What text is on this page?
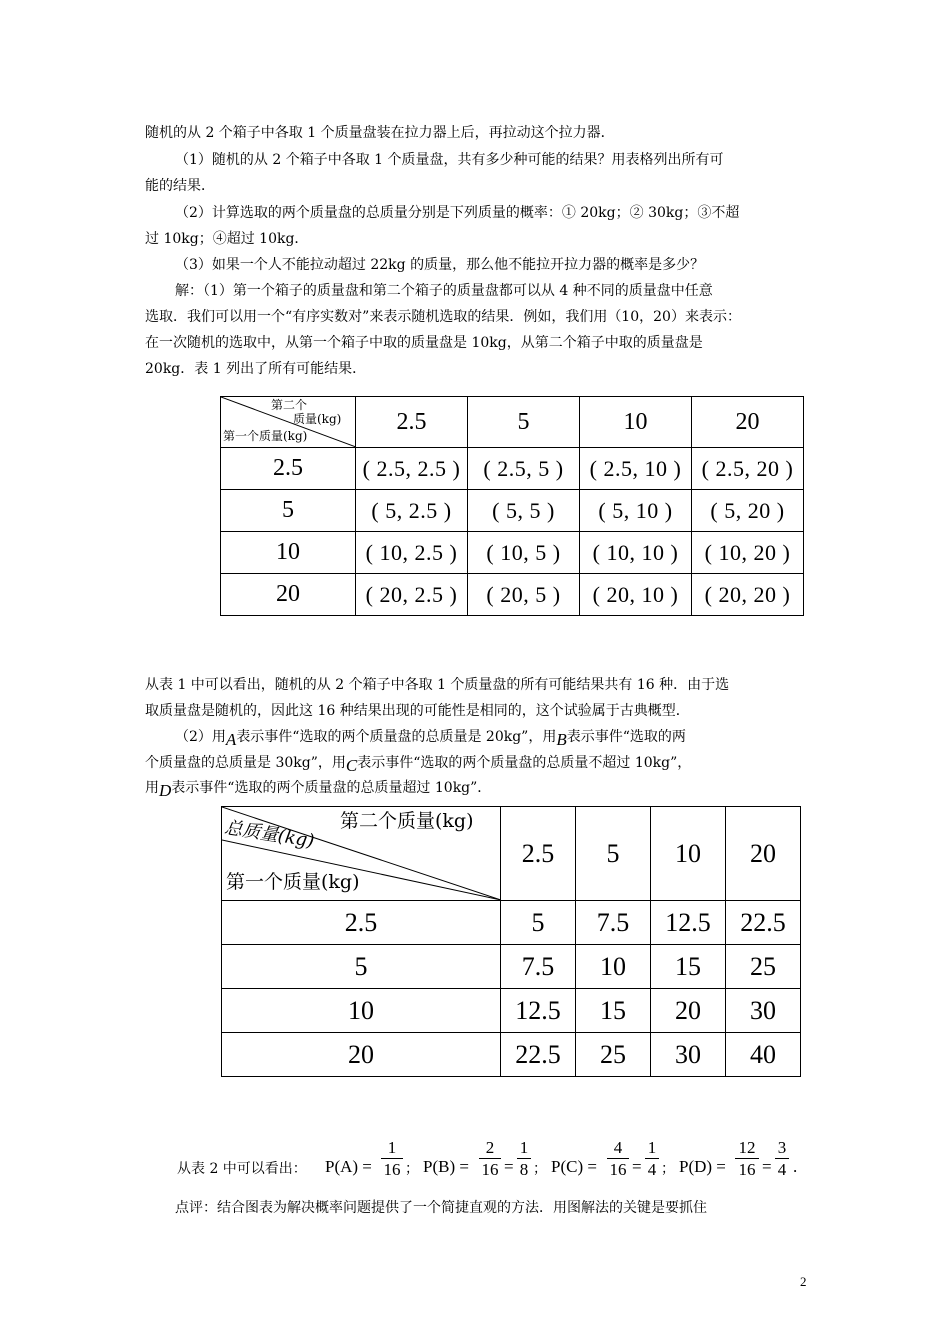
随机的从 2 个箱子中各取 1 个质量盘装在拉力器上后，再拉动这个拉力器．
（1）随机的从 2 个箱子中各取 1 个质量盘，共有多少种可能的结果？用表格列出所有可
能的结果．
（2）计算选取的两个质量盘的总质量分别是下列质量的概率：① 20kg；② 30kg；③不超
过 10kg；④超过 10kg．
（3）如果一个人不能拉动超过 22kg 的质量，那么他不能拉开拉力器的概率是多少？
解：（1）第一个箱子的质量盘和第二个箱子的质量盘都可以从 4 种不同的质量盘中任意
选取．我们可以用一个“有序实数对”来表示随机选取的结果．例如，我们用（10，20）来表示：
在一次随机的选取中，从第一个箱子中取的质量盘是 10kg，从第二个箱子中取的质量盘是
20kg．表 1 列出了所有可能结果．
第二个
质量(kg)
第一个质量(kg)	2.5	5	10	20
2.5	( 2.5, 2.5 )	( 2.5, 5 )	( 2.5, 10 )	( 2.5, 20 )
5	( 5, 2.5 )	( 5, 5 )	( 5, 10 )	( 5, 20 )
10	( 10, 2.5 )	( 10, 5 )	( 10, 10 )	( 10, 20 )
20	( 20, 2.5 )	( 20, 5 )	( 20, 10 )	( 20, 20 )
从表 1 中可以看出，随机的从 2 个箱子中各取 1 个质量盘的所有可能结果共有 16 种．由于选
取质量盘是随机的，因此这 16 种结果出现的可能性是相同的，这个试验属于古典概型．
（2）用A表示事件“选取的两个质量盘的总质量是 20kg”，用B表示事件“选取的两
个质量盘的总质量是 30kg”，用C表示事件“选取的两个质量盘的总质量不超过 10kg”，
用D表示事件“选取的两个质量盘的总质量超过 10kg”．
第二个质量(kg)
总质量(kg)
第一个质量(kg)	2.5	5	10	20
2.5	5	7.5	12.5	22.5
5	7.5	10	15	25
10	12.5	15	20	30
20	22.5	25	30	40
从表 2 中可以看出： P(A) =
1
16 ； P(B) =
2
16 =
1
8 ； P(C) =
4
16 =
1
4 ； P(D) =
12
16 =
3
4 .
点评：结合图表为解决概率问题提供了一个简捷直观的方法．用图解法的关键是要抓住
2
